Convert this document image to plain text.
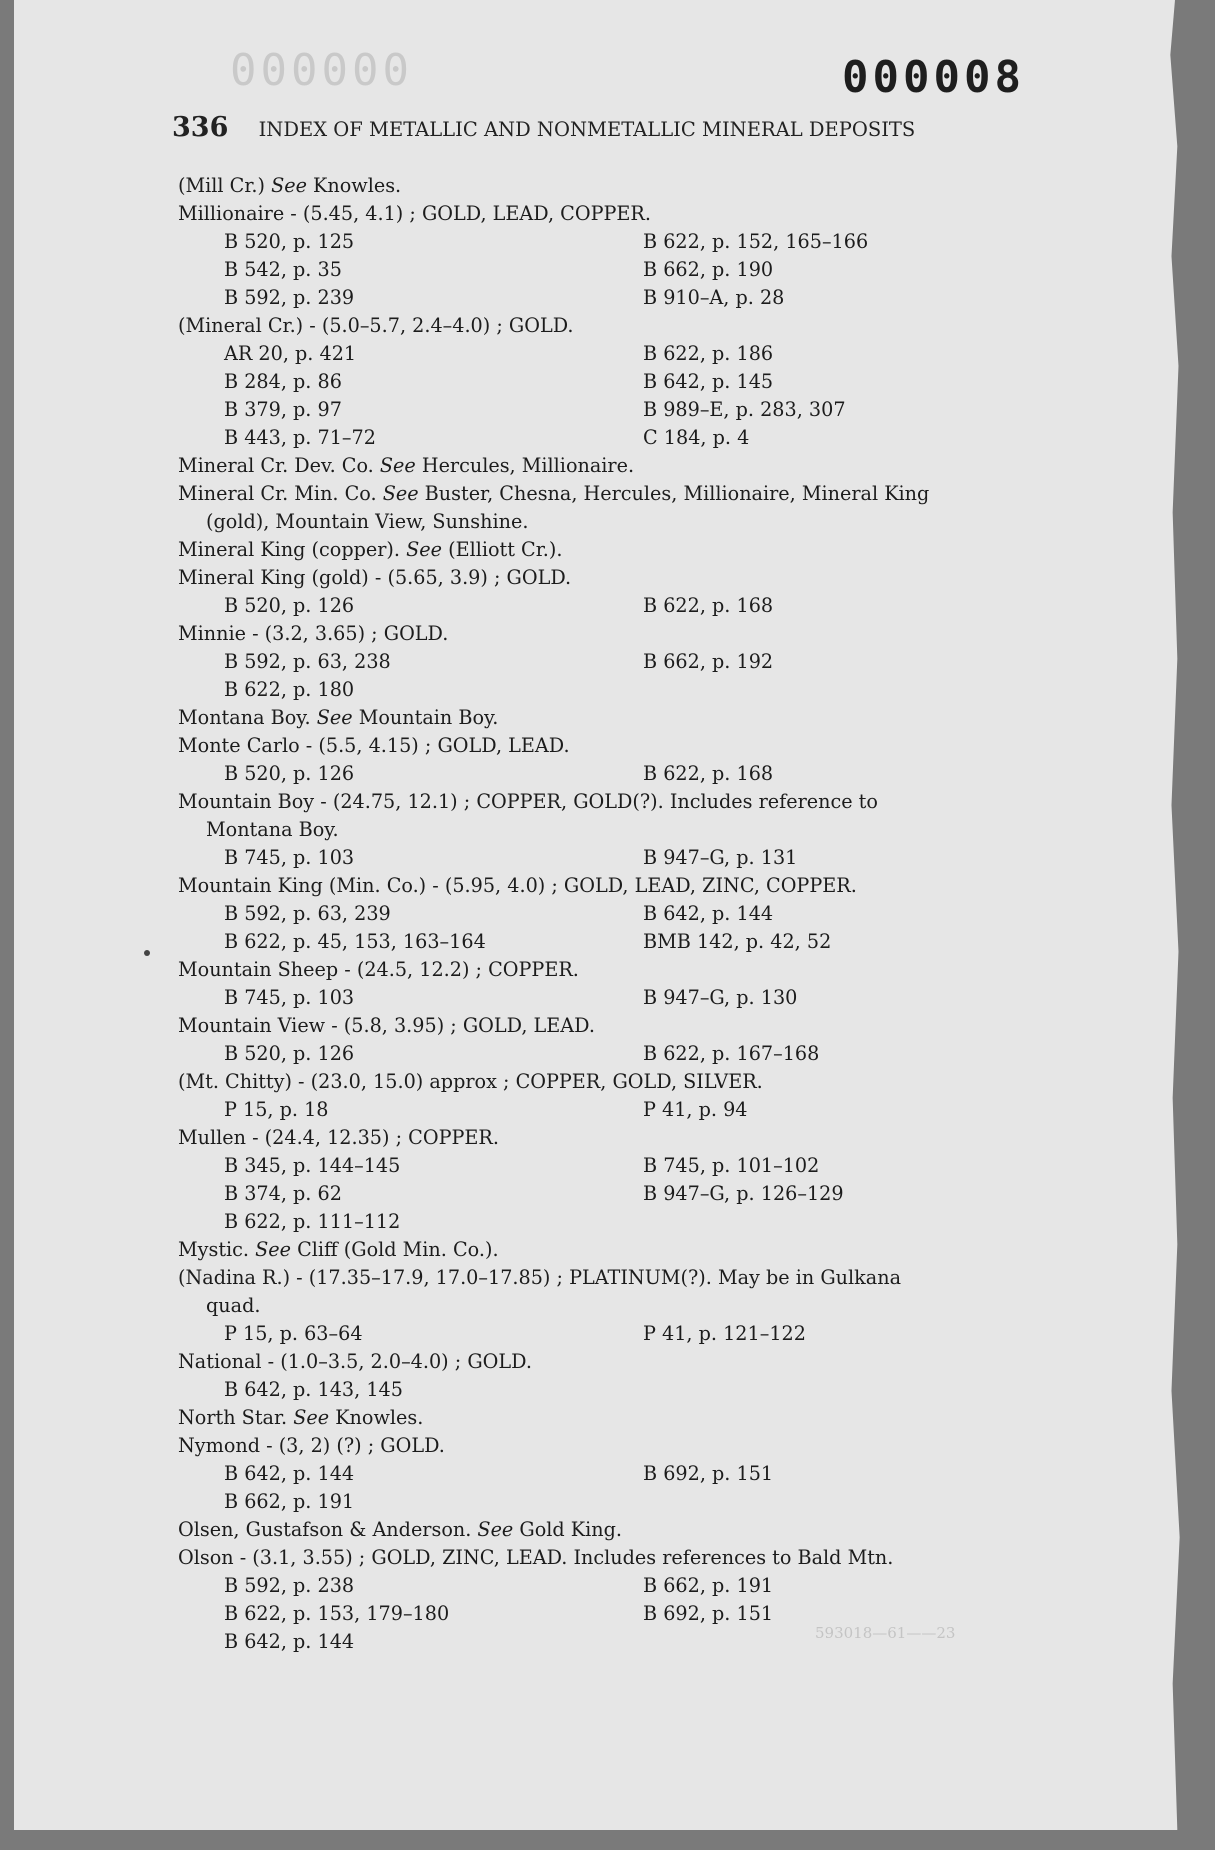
000000	000008
336 INDEX OF METALLIC AND NONMETALLIC MINERAL DEPOSITS
(Mill Cr.) See Knowles.
Millionaire - (5.45, 4.1) ; GOLD, LEAD, COPPER.
B 520, p. 125	B 622, p. 152, 165–166
B 542, p. 35	B 662, p. 190
B 592, p. 239	B 910–A, p. 28
(Mineral Cr.) - (5.0–5.7, 2.4–4.0) ; GOLD.
AR 20, p. 421	B 622, p. 186
B 284, p. 86	B 642, p. 145
B 379, p. 97	B 989–E, p. 283, 307
B 443, p. 71–72	C 184, p. 4
Mineral Cr. Dev. Co. See Hercules, Millionaire.
Mineral Cr. Min. Co. See Buster, Chesna, Hercules, Millionaire, Mineral King
(gold), Mountain View, Sunshine.
Mineral King (copper). See (Elliott Cr.).
Mineral King (gold) - (5.65, 3.9) ; GOLD.
B 520, p. 126	B 622, p. 168
Minnie - (3.2, 3.65) ; GOLD.
B 592, p. 63, 238	B 662, p. 192
B 622, p. 180
Montana Boy. See Mountain Boy.
Monte Carlo - (5.5, 4.15) ; GOLD, LEAD.
B 520, p. 126	B 622, p. 168
Mountain Boy - (24.75, 12.1) ; COPPER, GOLD(?). Includes reference to
Montana Boy.
B 745, p. 103	B 947–G, p. 131
Mountain King (Min. Co.) - (5.95, 4.0) ; GOLD, LEAD, ZINC, COPPER.
B 592, p. 63, 239	B 642, p. 144
B 622, p. 45, 153, 163–164	BMB 142, p. 42, 52
Mountain Sheep - (24.5, 12.2) ; COPPER.
B 745, p. 103	B 947–G, p. 130
Mountain View - (5.8, 3.95) ; GOLD, LEAD.
B 520, p. 126	B 622, p. 167–168
(Mt. Chitty) - (23.0, 15.0) approx ; COPPER, GOLD, SILVER.
P 15, p. 18	P 41, p. 94
Mullen - (24.4, 12.35) ; COPPER.
B 345, p. 144–145	B 745, p. 101–102
B 374, p. 62	B 947–G, p. 126–129
B 622, p. 111–112
Mystic. See Cliff (Gold Min. Co.).
(Nadina R.) - (17.35–17.9, 17.0–17.85) ; PLATINUM(?). May be in Gulkana
quad.
P 15, p. 63–64	P 41, p. 121–122
National - (1.0–3.5, 2.0–4.0) ; GOLD.
B 642, p. 143, 145
North Star. See Knowles.
Nymond - (3, 2) (?) ; GOLD.
B 642, p. 144	B 692, p. 151
B 662, p. 191
Olsen, Gustafson & Anderson. See Gold King.
Olson - (3.1, 3.55) ; GOLD, ZINC, LEAD. Includes references to Bald Mtn.
B 592, p. 238	B 662, p. 191
B 622, p. 153, 179–180	B 692, p. 151
B 642, p. 144	593018—61——23
